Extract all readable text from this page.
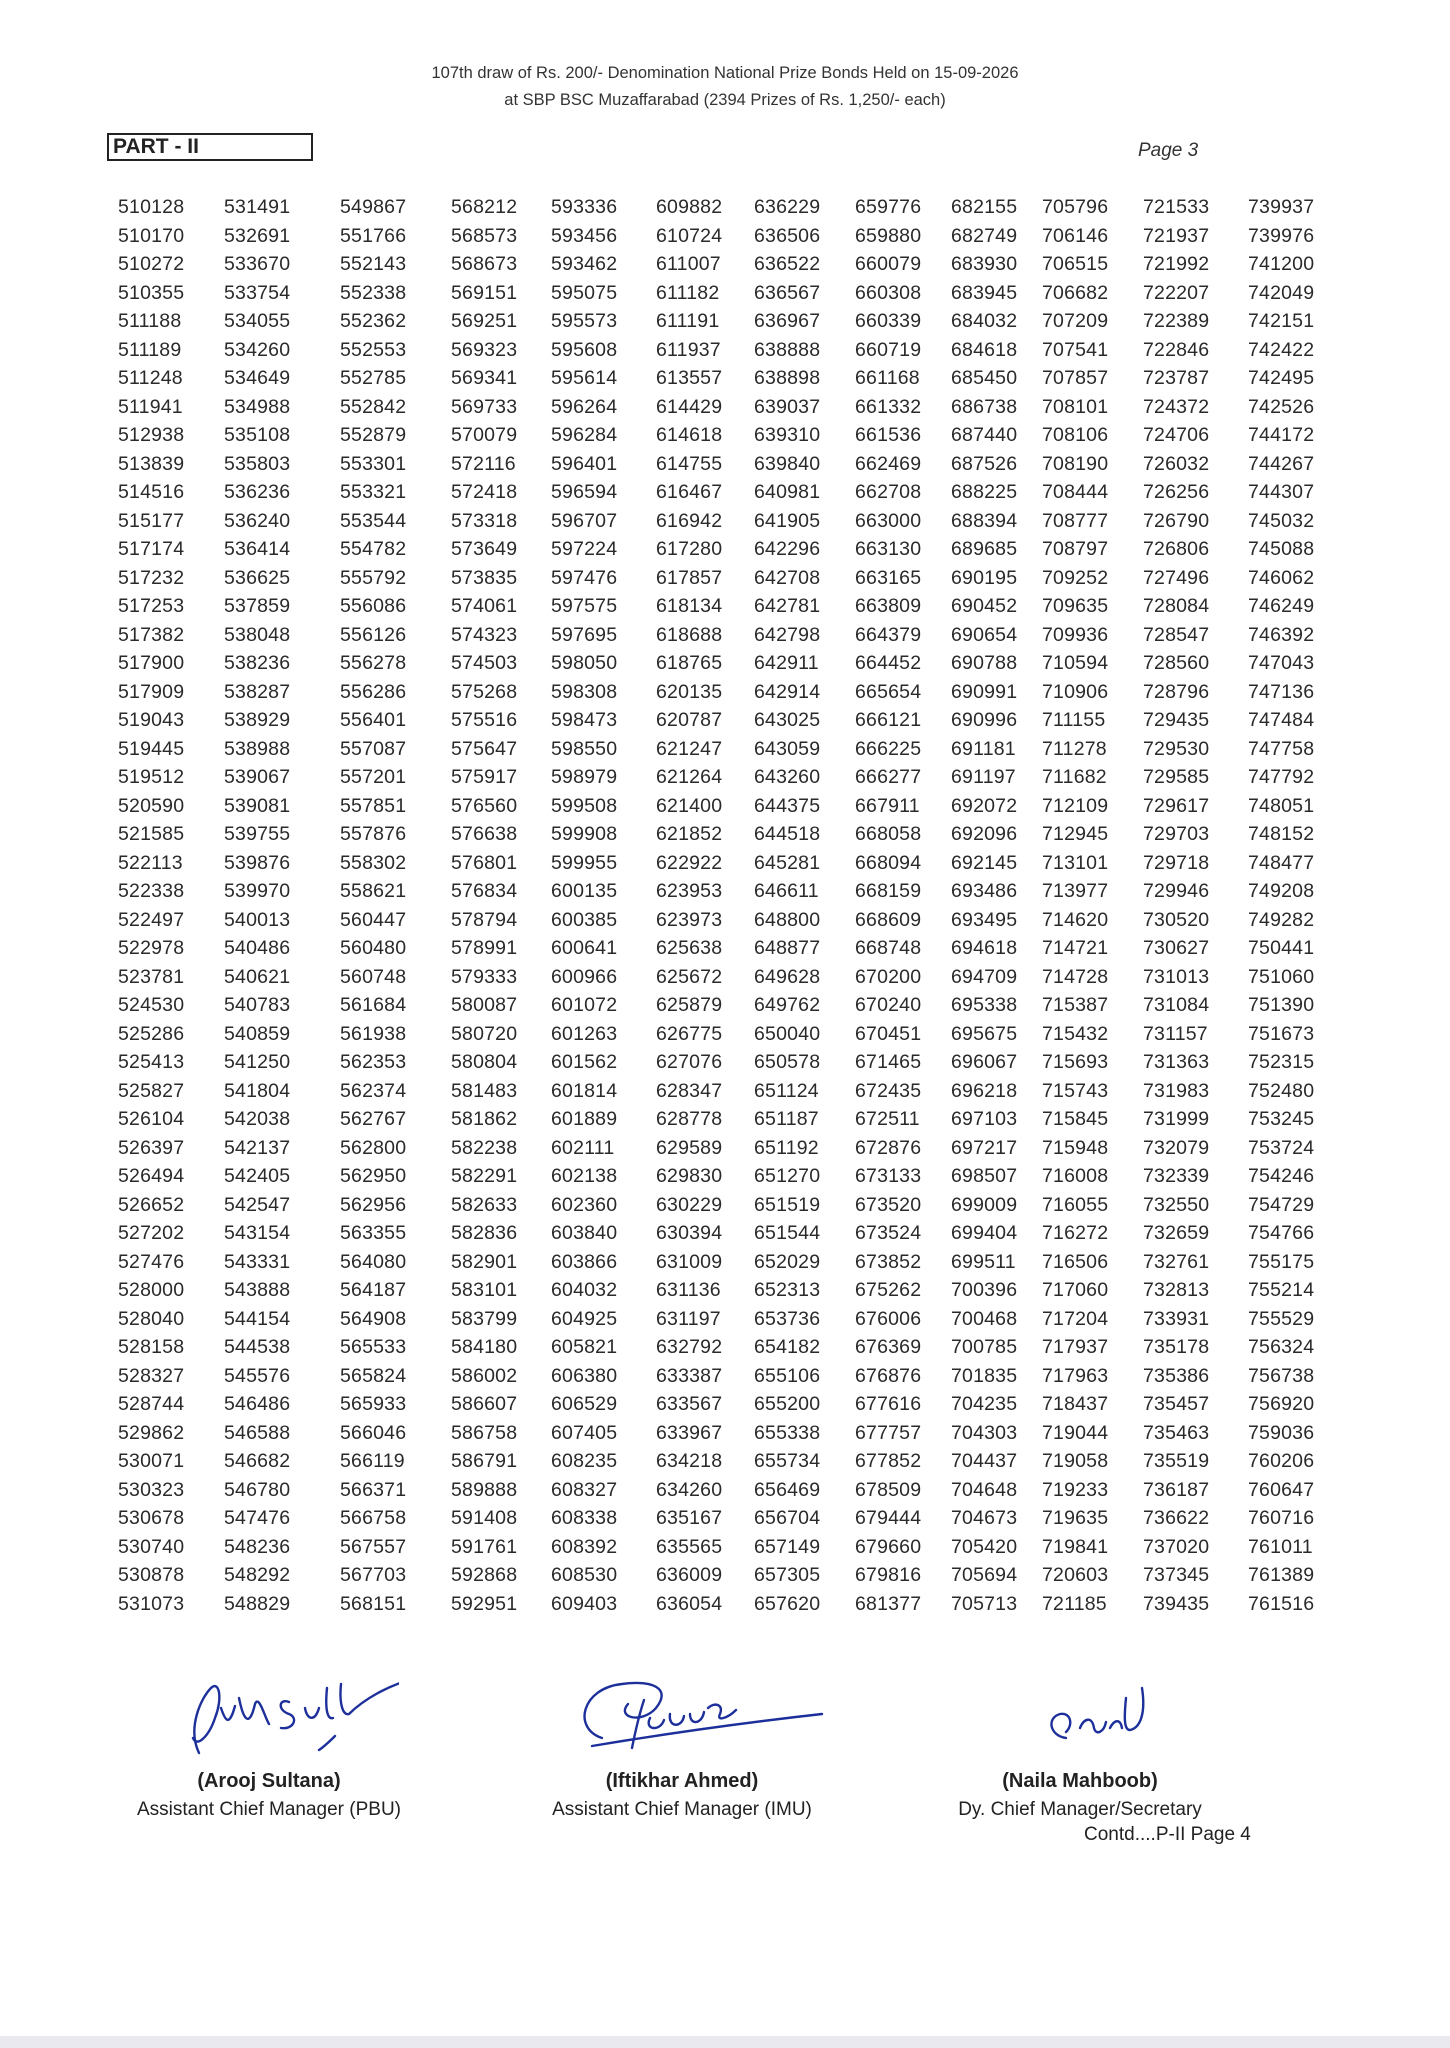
107th draw of Rs. 200/- Denomination National Prize Bonds Held on 15-09-2026
at SBP BSC Muzaffarabad (2394 Prizes of Rs. 1,250/- each)
PART - II	Page 3
510128
510170
510272
510355
511188
511189
511248
511941
512938
513839
514516
515177
517174
517232
517253
517382
517900
517909
519043
519445
519512
520590
521585
522113
522338
522497
522978
523781
524530
525286
525413
525827
526104
526397
526494
526652
527202
527476
528000
528040
528158
528327
528744
529862
530071
530323
530678
530740
530878
531073
531491
532691
533670
533754
534055
534260
534649
534988
535108
535803
536236
536240
536414
536625
537859
538048
538236
538287
538929
538988
539067
539081
539755
539876
539970
540013
540486
540621
540783
540859
541250
541804
542038
542137
542405
542547
543154
543331
543888
544154
544538
545576
546486
546588
546682
546780
547476
548236
548292
548829
549867
551766
552143
552338
552362
552553
552785
552842
552879
553301
553321
553544
554782
555792
556086
556126
556278
556286
556401
557087
557201
557851
557876
558302
558621
560447
560480
560748
561684
561938
562353
562374
562767
562800
562950
562956
563355
564080
564187
564908
565533
565824
565933
566046
566119
566371
566758
567557
567703
568151
568212
568573
568673
569151
569251
569323
569341
569733
570079
572116
572418
573318
573649
573835
574061
574323
574503
575268
575516
575647
575917
576560
576638
576801
576834
578794
578991
579333
580087
580720
580804
581483
581862
582238
582291
582633
582836
582901
583101
583799
584180
586002
586607
586758
586791
589888
591408
591761
592868
592951
593336
593456
593462
595075
595573
595608
595614
596264
596284
596401
596594
596707
597224
597476
597575
597695
598050
598308
598473
598550
598979
599508
599908
599955
600135
600385
600641
600966
601072
601263
601562
601814
601889
602111
602138
602360
603840
603866
604032
604925
605821
606380
606529
607405
608235
608327
608338
608392
608530
609403
609882
610724
611007
611182
611191
611937
613557
614429
614618
614755
616467
616942
617280
617857
618134
618688
618765
620135
620787
621247
621264
621400
621852
622922
623953
623973
625638
625672
625879
626775
627076
628347
628778
629589
629830
630229
630394
631009
631136
631197
632792
633387
633567
633967
634218
634260
635167
635565
636009
636054
636229
636506
636522
636567
636967
638888
638898
639037
639310
639840
640981
641905
642296
642708
642781
642798
642911
642914
643025
643059
643260
644375
644518
645281
646611
648800
648877
649628
649762
650040
650578
651124
651187
651192
651270
651519
651544
652029
652313
653736
654182
655106
655200
655338
655734
656469
656704
657149
657305
657620
659776
659880
660079
660308
660339
660719
661168
661332
661536
662469
662708
663000
663130
663165
663809
664379
664452
665654
666121
666225
666277
667911
668058
668094
668159
668609
668748
670200
670240
670451
671465
672435
672511
672876
673133
673520
673524
673852
675262
676006
676369
676876
677616
677757
677852
678509
679444
679660
679816
681377
682155
682749
683930
683945
684032
684618
685450
686738
687440
687526
688225
688394
689685
690195
690452
690654
690788
690991
690996
691181
691197
692072
692096
692145
693486
693495
694618
694709
695338
695675
696067
696218
697103
697217
698507
699009
699404
699511
700396
700468
700785
701835
704235
704303
704437
704648
704673
705420
705694
705713
705796
706146
706515
706682
707209
707541
707857
708101
708106
708190
708444
708777
708797
709252
709635
709936
710594
710906
711155
711278
711682
712109
712945
713101
713977
714620
714721
714728
715387
715432
715693
715743
715845
715948
716008
716055
716272
716506
717060
717204
717937
717963
718437
719044
719058
719233
719635
719841
720603
721185
721533
721937
721992
722207
722389
722846
723787
724372
724706
726032
726256
726790
726806
727496
728084
728547
728560
728796
729435
729530
729585
729617
729703
729718
729946
730520
730627
731013
731084
731157
731363
731983
731999
732079
732339
732550
732659
732761
732813
733931
735178
735386
735457
735463
735519
736187
736622
737020
737345
739435
739937
739976
741200
742049
742151
742422
742495
742526
744172
744267
744307
745032
745088
746062
746249
746392
747043
747136
747484
747758
747792
748051
748152
748477
749208
749282
750441
751060
751390
751673
752315
752480
753245
753724
754246
754729
754766
755175
755214
755529
756324
756738
756920
759036
760206
760647
760716
761011
761389
761516
(Arooj Sultana)
Assistant Chief Manager (PBU)
(Iftikhar Ahmed)
Assistant Chief Manager (IMU)
(Naila Mahboob)
Dy. Chief Manager/Secretary
Contd....P-II Page 4
